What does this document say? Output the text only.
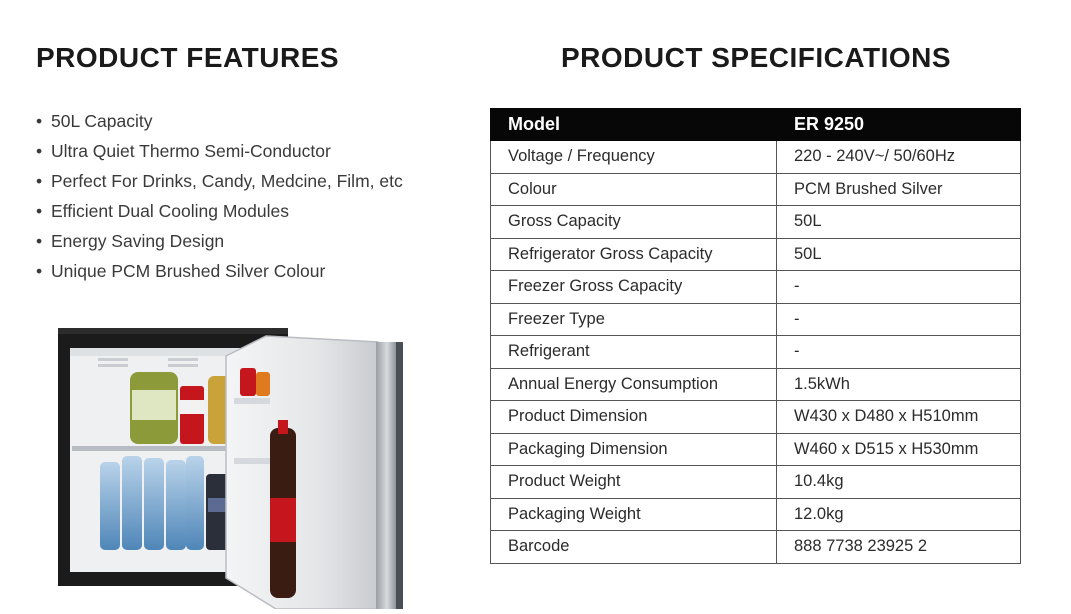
PRODUCT FEATURES
• 50L Capacity
• Ultra Quiet Thermo Semi-Conductor
• Perfect For Drinks, Candy, Medcine, Film, etc
• Efficient Dual Cooling Modules
• Energy Saving Design
• Unique PCM Brushed Silver Colour
PRODUCT SPECIFICATIONS
Model	ER 9250
Voltage / Frequency	220 - 240V~/ 50/60Hz
Colour	PCM Brushed Silver
Gross Capacity	50L
Refrigerator Gross Capacity	50L
Freezer Gross Capacity	-
Freezer Type	-
Refrigerant	-
Annual Energy Consumption	1.5kWh
Product Dimension	W430 x D480 x H510mm
Packaging Dimension	W460 x D515 x H530mm
Product Weight	10.4kg
Packaging Weight	12.0kg
Barcode	888 7738 23925 2
